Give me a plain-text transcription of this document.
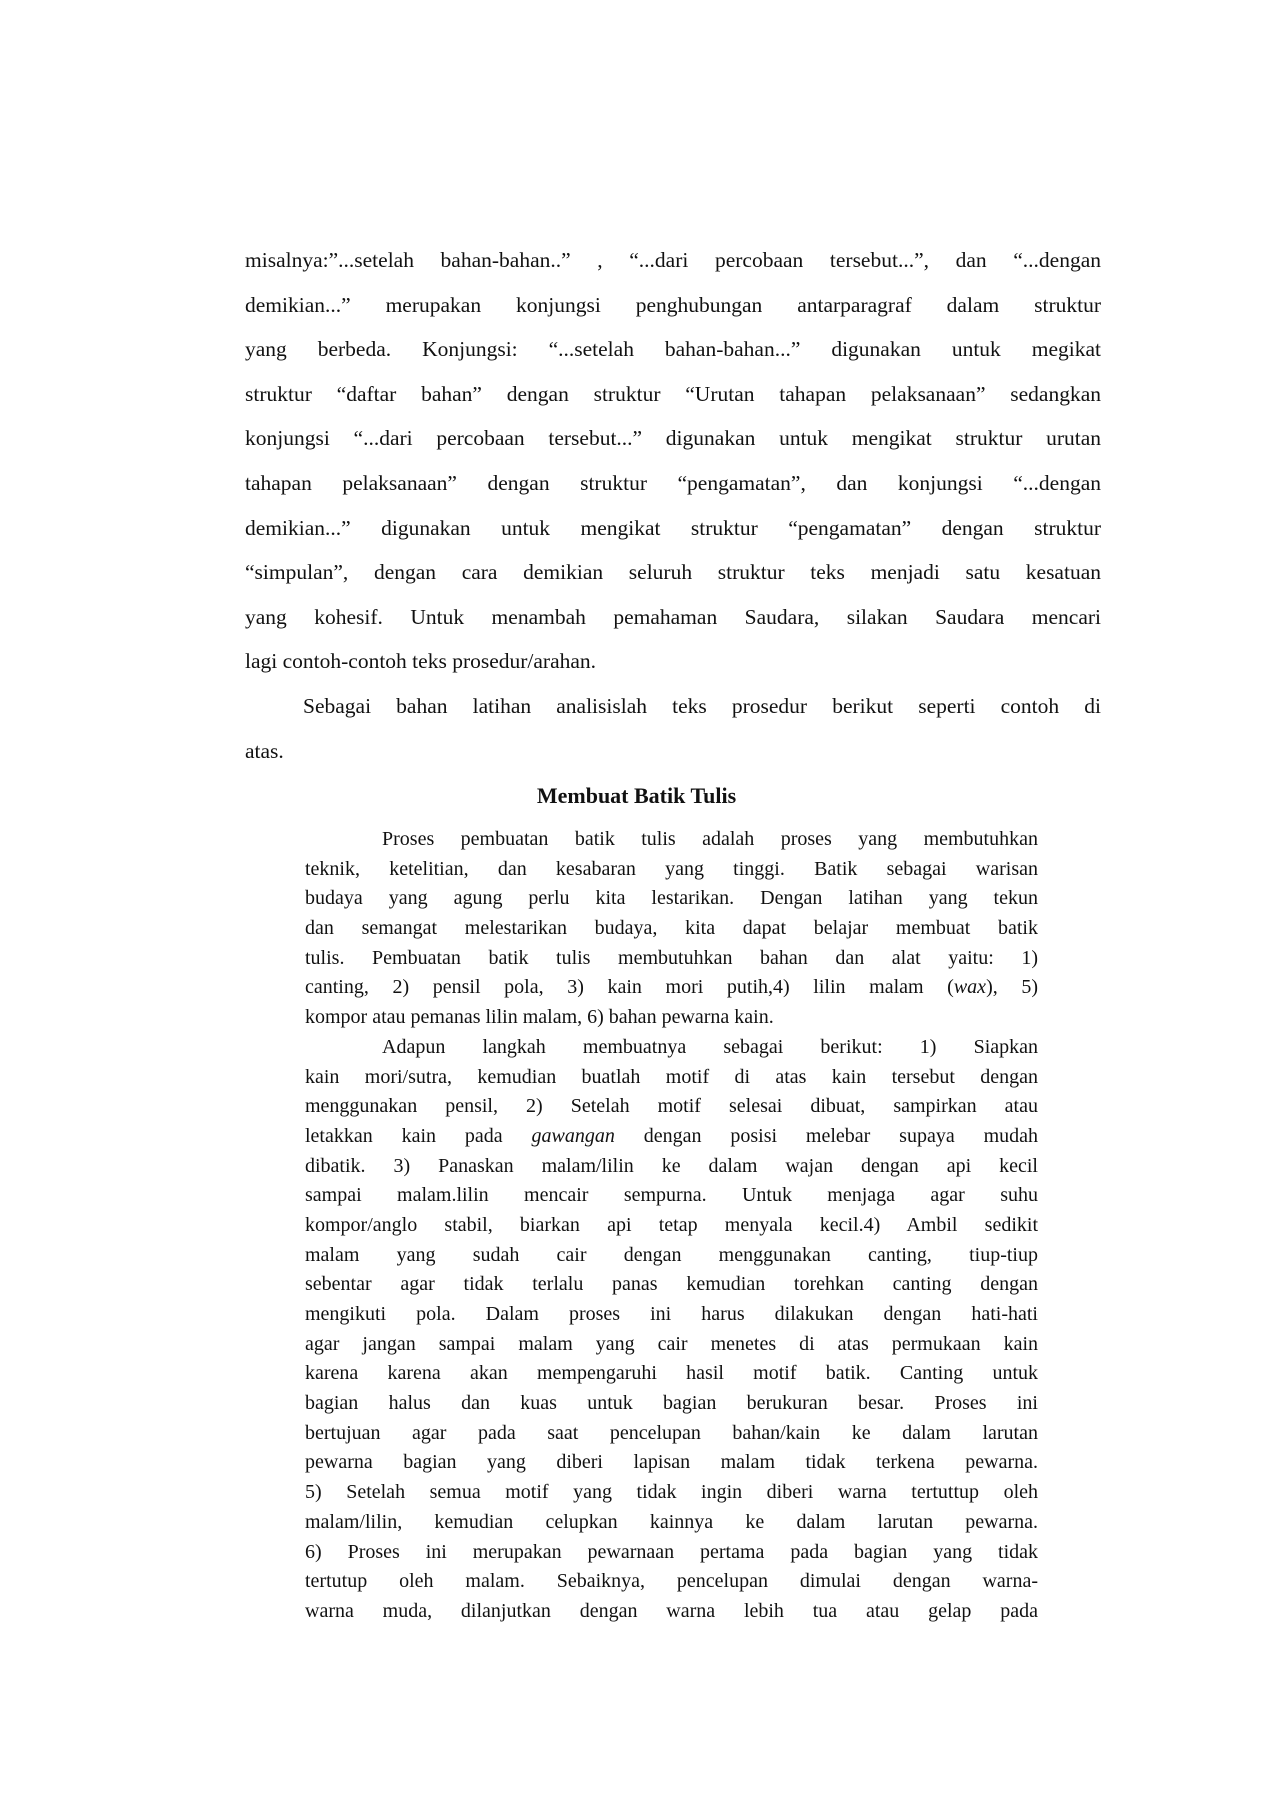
misalnya:”...setelah bahan-bahan..” , “...dari percobaan tersebut...”, dan “...dengan
demikian...” merupakan konjungsi penghubungan antarparagraf dalam struktur
yang berbeda. Konjungsi: “...setelah bahan-bahan...” digunakan untuk megikat
struktur “daftar bahan” dengan struktur “Urutan tahapan pelaksanaan” sedangkan
konjungsi “...dari percobaan tersebut...” digunakan untuk mengikat struktur urutan
tahapan pelaksanaan” dengan struktur “pengamatan”, dan konjungsi “...dengan
demikian...” digunakan untuk mengikat struktur “pengamatan” dengan struktur
“simpulan”, dengan cara demikian seluruh struktur teks menjadi satu kesatuan
yang kohesif. Untuk menambah pemahaman Saudara, silakan Saudara mencari
lagi contoh-contoh teks prosedur/arahan.
Sebagai bahan latihan analisislah teks prosedur berikut seperti contoh di
atas.
Membuat Batik Tulis
Proses pembuatan batik tulis adalah proses yang membutuhkan
teknik, ketelitian, dan kesabaran yang tinggi. Batik sebagai warisan
budaya yang agung perlu kita lestarikan. Dengan latihan yang tekun
dan semangat melestarikan budaya, kita dapat belajar membuat batik
tulis. Pembuatan batik tulis membutuhkan bahan dan alat yaitu: 1)
canting, 2) pensil pola, 3) kain mori putih,4) lilin malam (wax), 5)
kompor atau pemanas lilin malam, 6) bahan pewarna kain.
Adapun langkah membuatnya sebagai berikut: 1) Siapkan
kain mori/sutra, kemudian buatlah motif di atas kain tersebut dengan
menggunakan pensil, 2) Setelah motif selesai dibuat, sampirkan atau
letakkan kain pada gawangan dengan posisi melebar supaya mudah
dibatik. 3) Panaskan malam/lilin ke dalam wajan dengan api kecil
sampai malam.lilin mencair sempurna. Untuk menjaga agar suhu
kompor/anglo stabil, biarkan api tetap menyala kecil.4) Ambil sedikit
malam yang sudah cair dengan menggunakan canting, tiup-tiup
sebentar agar tidak terlalu panas kemudian torehkan canting dengan
mengikuti pola. Dalam proses ini harus dilakukan dengan hati-hati
agar jangan sampai malam yang cair menetes di atas permukaan kain
karena karena akan mempengaruhi hasil motif batik. Canting untuk
bagian halus dan kuas untuk bagian berukuran besar. Proses ini
bertujuan agar pada saat pencelupan bahan/kain ke dalam larutan
pewarna bagian yang diberi lapisan malam tidak terkena pewarna.
5) Setelah semua motif yang tidak ingin diberi warna tertuttup oleh
malam/lilin, kemudian celupkan kainnya ke dalam larutan pewarna.
6) Proses ini merupakan pewarnaan pertama pada bagian yang tidak
tertutup oleh malam. Sebaiknya, pencelupan dimulai dengan warna-
warna muda, dilanjutkan dengan warna lebih tua atau gelap pada
